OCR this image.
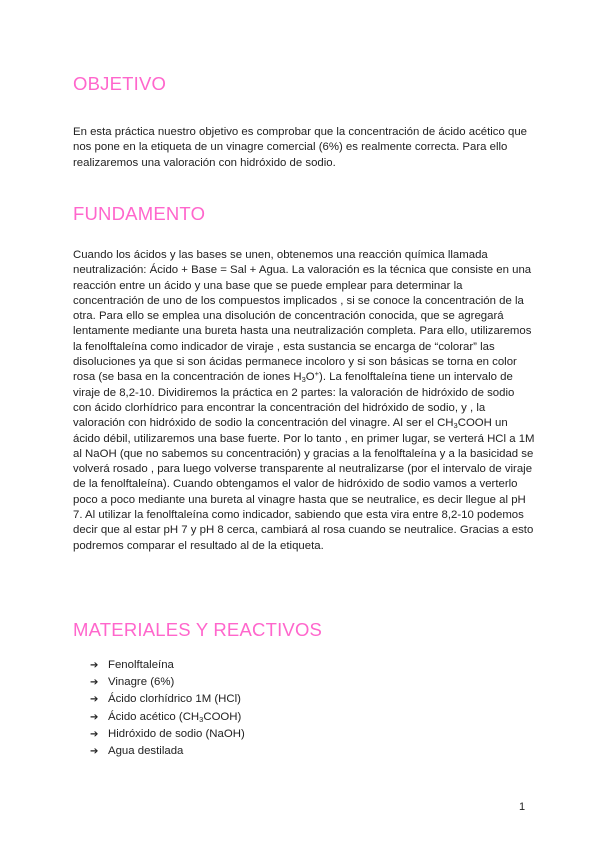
OBJETIVO

En esta práctica nuestro objetivo es comprobar que la concentración de ácido acético que nos pone en la etiqueta de un vinagre comercial (6%) es realmente correcta. Para ello realizaremos una valoración con hidróxido de sodio.

FUNDAMENTO

Cuando los ácidos y las bases se unen, obtenemos una reacción química llamada neutralización: Ácido + Base = Sal + Agua. La valoración es la técnica que consiste en una reacción entre un ácido y una base que se puede emplear para determinar la concentración de uno de los compuestos implicados , si se conoce la concentración de la otra. Para ello se emplea una disolución de concentración conocida, que se agregará lentamente mediante una bureta hasta una neutralización completa. Para ello, utilizaremos la fenolftaleína como indicador de viraje , esta sustancia se encarga de “colorar” las disoluciones ya que si son ácidas permanece incoloro y si son básicas se torna en color rosa (se basa en la concentración de iones $H_3O^+$). La fenolftaleína tiene un intervalo de viraje de 8,2-10. Dividiremos la práctica en 2 partes: la valoración de hidróxido de sodio con ácido clorhídrico para encontrar la concentración del hidróxido de sodio, y , la valoración con hidróxido de sodio la concentración del vinagre. Al ser el $CH_3COOH$ un ácido débil, utilizaremos una base fuerte. Por lo tanto , en primer lugar, se verterá HCl a 1M al NaOH (que no sabemos su concentración) y gracias a la fenolftaleína y a la basicidad se volverá rosado , para luego volverse transparente al neutralizarse (por el intervalo de viraje de la fenolftaleína). Cuando obtengamos el valor de hidróxido de sodio vamos a verterlo poco a poco mediante una bureta al vinagre hasta que se neutralice, es decir llegue al pH 7. Al utilizar la fenolftaleína como indicador, sabiendo que esta vira entre 8,2-10 podemos decir que al estar pH 7 y pH 8 cerca, cambiará al rosa cuando se neutralice. Gracias a esto podremos comparar el resultado al de la etiqueta.

MATERIALES Y REACTIVOS
➔ Fenolftaleína
➔ Vinagre (6%)
➔ Ácido clorhídrico 1M (HCl)
➔ Ácido acético $(CH_3COOH)$
➔ Hidróxido de sodio (NaOH)
➔ Agua destilada
1
